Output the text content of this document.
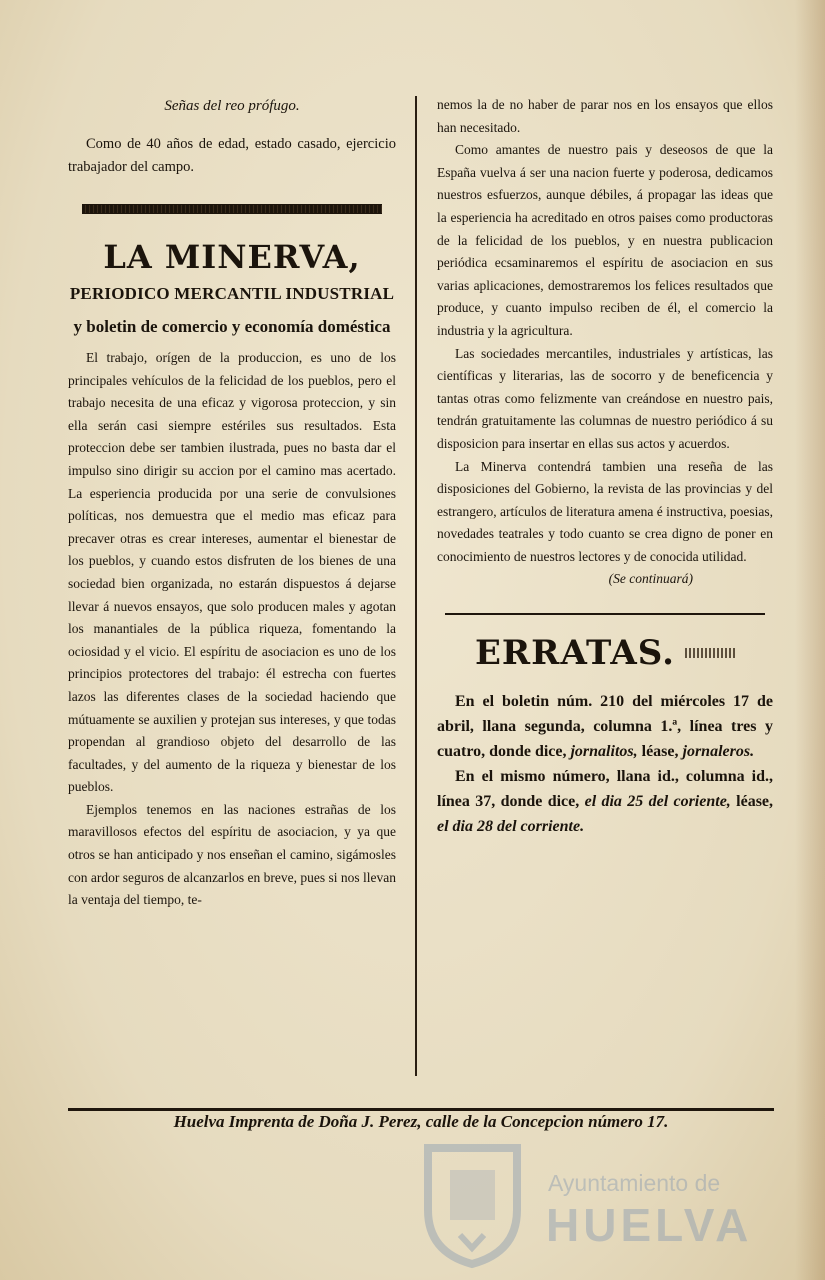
Señas del reo prófugo.

Como de 40 años de edad, estado casado, ejercicio trabajador del campo.

LA MINERVA,
PERIODICO MERCANTIL INDUSTRIAL
y boletin de comercio y economía doméstica

El trabajo, orígen de la produccion, es uno de los principales vehículos de la felicidad de los pueblos, pero el trabajo necesita de una eficaz y vigorosa proteccion, y sin ella serán casi siempre estériles sus resultados. Esta proteccion debe ser tambien ilustrada, pues no basta dar el impulso sino dirigir su accion por el camino mas acertado. La esperiencia producida por una serie de convulsiones políticas, nos demuestra que el medio mas eficaz para precaver otras es crear intereses, aumentar el bienestar de los pueblos, y cuando estos disfruten de los bienes de una sociedad bien organizada, no estarán dispuestos á dejarse llevar á nuevos ensayos, que solo producen males y agotan los manantiales de la pública riqueza, fomentando la ociosidad y el vicio. El espíritu de asociacion es uno de los principios protectores del trabajo: él estrecha con fuertes lazos las diferentes clases de la sociedad haciendo que mútuamente se auxilien y protejan sus intereses, y que todas propendan al grandioso objeto del desarrollo de las facultades, y del aumento de la riqueza y bienestar de los pueblos.

Ejemplos tenemos en las naciones estrañas de los maravillosos efectos del espíritu de asociacion, y ya que otros se han anticipado y nos enseñan el camino, sigámosles con ardor seguros de alcanzarlos en breve, pues si nos llevan la ventaja del tiempo, te-

nemos la de no haber de parar nos en los ensayos que ellos han necesitado.

Como amantes de nuestro pais y deseosos de que la España vuelva á ser una nacion fuerte y poderosa, dedicamos nuestros esfuerzos, aunque débiles, á propagar las ideas que la esperiencia ha acreditado en otros paises como productoras de la felicidad de los pueblos, y en nuestra publicacion periódica ecsaminaremos el espíritu de asociacion en sus varias aplicaciones, demostraremos los felices resultados que produce, y cuanto impulso reciben de él, el comercio la industria y la agricultura.

Las sociedades mercantiles, industriales y artísticas, las científicas y literarias, las de socorro y de beneficencia y tantas otras como felizmente van creándose en nuestro pais, tendrán gratuitamente las columnas de nuestro periódico á su disposicion para insertar en ellas sus actos y acuerdos.

La Minerva contendrá tambien una reseña de las disposiciones del Gobierno, la revista de las provincias y del estrangero, artículos de literatura amena é instructiva, poesias, novedades teatrales y todo cuanto se crea digno de poner en conocimiento de nuestros lectores y de conocida utilidad.

(Se continuará)

ERRATAS.

En el boletin núm. 210 del miércoles 17 de abril, llana segunda, columna 1.ª, línea tres y cuatro, donde dice, jornalitos, léase, jornaleros.

En el mismo número, llana id., columna id., línea 37, donde dice, el dia 25 del coriente, léase, el dia 28 del corriente.

Huelva Imprenta de Doña J. Perez, calle de la Concepcion número 17.
Ayuntamiento de
HUELVA
